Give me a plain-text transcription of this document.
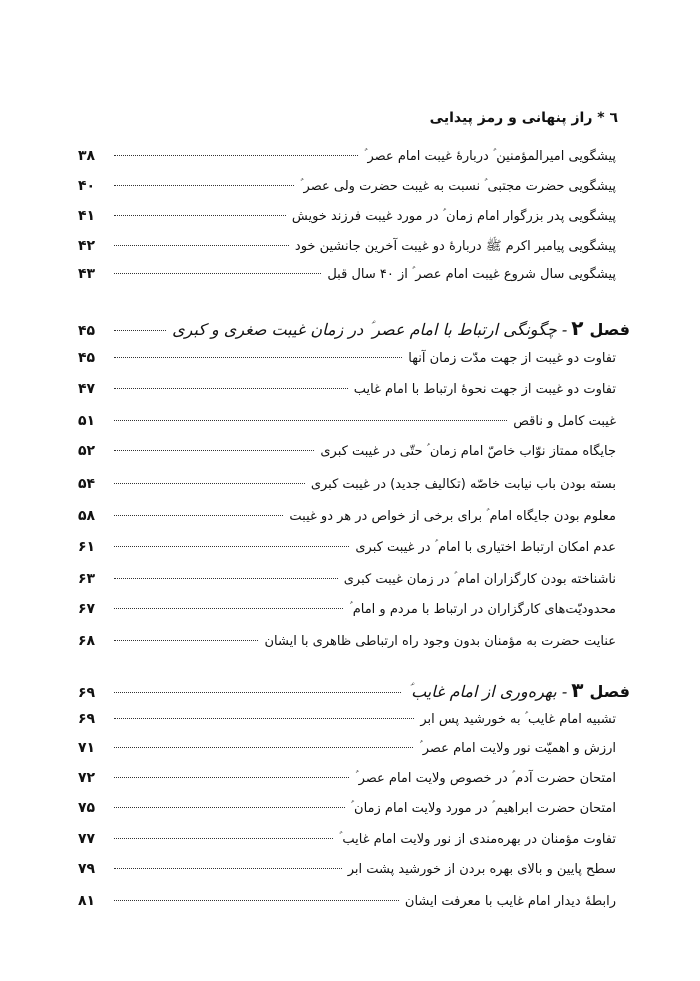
٦ * راز پنهانی و رمز پیدایی
پیشگویی امیرالمؤمنین ؑ دربارهٔ غیبت امام عصر ؑ
۳۸
پیشگویی حضرت مجتبی ؑ نسبت به غیبت حضرت ولی عصر ؑ
۴۰
پیشگویی پدر بزرگوار امام زمان ؑ در مورد غیبت فرزند خویش
۴۱
پیشگویی پیامبر اکرم ﷺ دربارهٔ دو غیبت آخرین جانشین خود
۴۲
پیشگویی سال شروع غیبت امام عصر ؑ از ۴۰ سال قبل
۴۳
فصل
۲
- چگونگی ارتباط با امام عصر ؑ در زمان غیبت صغری و کبری
۴۵
تفاوت دو غیبت از جهت مدّت زمان آنها
۴۵
تفاوت دو غیبت از جهت نحوهٔ ارتباط با امام غایب
۴۷
غیبت کامل و ناقص
۵۱
جایگاه ممتاز نوّاب خاصّ امام زمان ؑ حتّی در غیبت کبری
۵۲
بسته بودن باب نیابت خاصّه (تکالیف جدید) در غیبت کبری
۵۴
معلوم بودن جایگاه امام ؑ برای برخی از خواص در هر دو غیبت
۵۸
عدم امکان ارتباط اختیاری با امام ؑ در غیبت کبری
۶۱
ناشناخته بودن کارگزاران امام ؑ در زمان غیبت کبری
۶۳
محدودیّت‌های کارگزاران در ارتباط با مردم و امام ؑ
۶۷
عنایت حضرت به مؤمنان بدون وجود راه ارتباطی ظاهری با ایشان
۶۸
فصل
۳
- بهره‌وری از امام غایب ؑ
۶۹
تشبیه امام غایب ؑ به خورشید پس ابر
۶۹
ارزش و اهمیّت نور ولایت امام عصر ؑ
۷۱
امتحان حضرت آدم ؑ در خصوص ولایت امام عصر ؑ
۷۲
امتحان حضرت ابراهیم ؑ در مورد ولایت امام زمان ؑ
۷۵
تفاوت مؤمنان در بهره‌مندی از نور ولایت امام غایب ؑ
۷۷
سطح پایین و بالای بهره بردن از خورشید پشت ابر
۷۹
رابطهٔ دیدار امام غایب با معرفت ایشان
۸۱
